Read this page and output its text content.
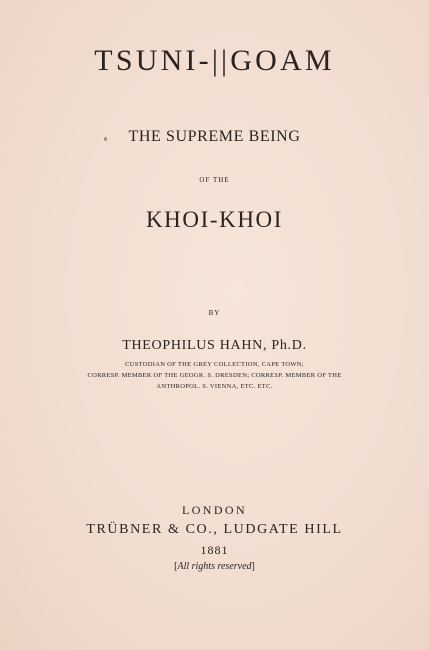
TSUNI-||GOAM
THE SUPREME BEING
OF THE
KHOI-KHOI
BY
THEOPHILUS HAHN, Ph.D.
CUSTODIAN OF THE GREY COLLECTION, CAPE TOWN;
CORRESP. MEMBER OF THE GEOGR. S. DRESDEN; CORRESP. MEMBER OF THE
ANTHROPOL. S. VIENNA, ETC. ETC.
LONDON
TRÜBNER & CO., LUDGATE HILL
1881
[All rights reserved]
